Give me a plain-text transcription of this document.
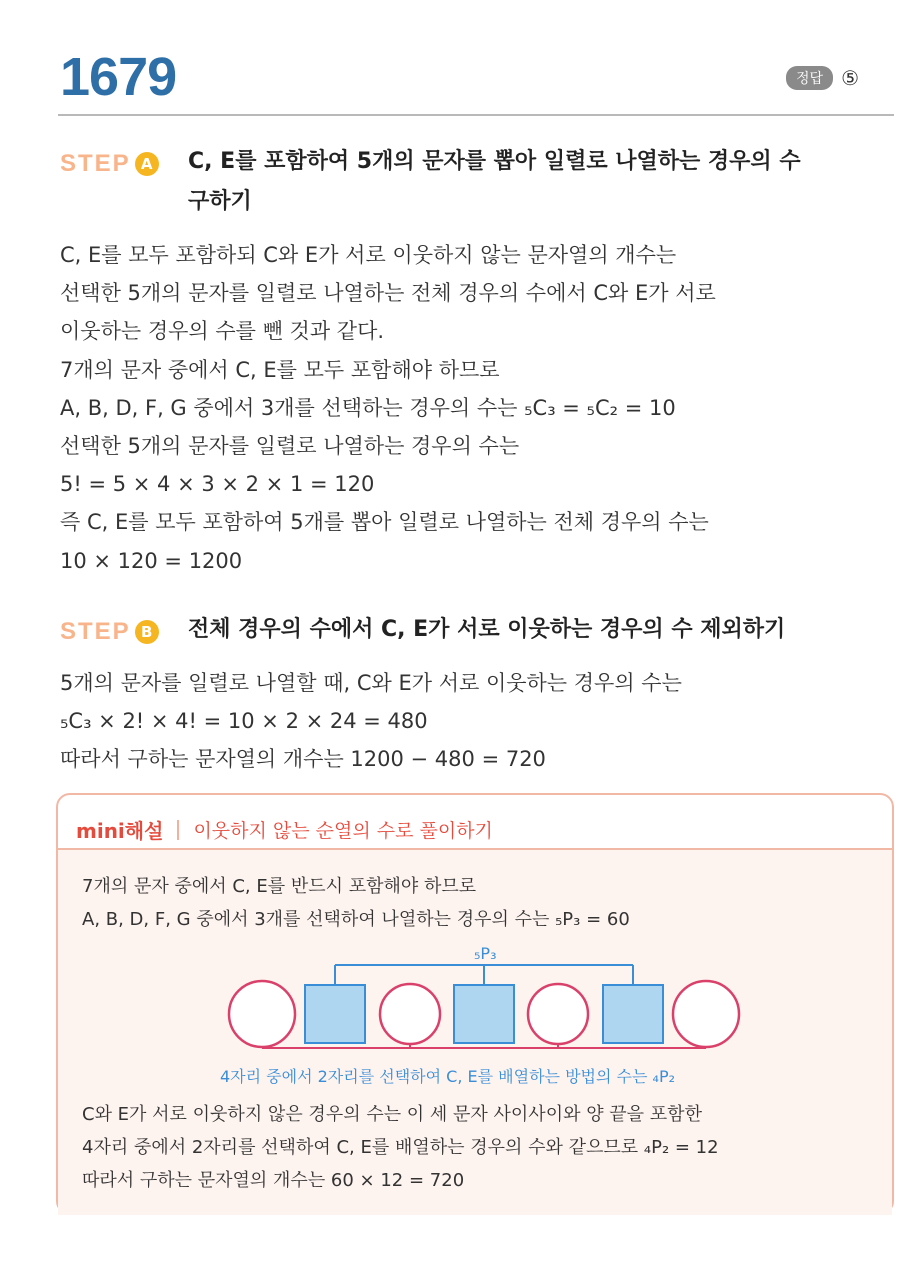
1679	정답 ⑤
STEP A C, E를 포함하여 5개의 문자를 뽑아 일렬로 나열하는 경우의 수
구하기
C, E를 모두 포함하되 C와 E가 서로 이웃하지 않는 문자열의 개수는
선택한 5개의 문자를 일렬로 나열하는 전체 경우의 수에서 C와 E가 서로
이웃하는 경우의 수를 뺀 것과 같다.
7개의 문자 중에서 C, E를 모두 포함해야 하므로
A, B, D, F, G 중에서 3개를 선택하는 경우의 수는 ₅C₃ = ₅C₂ = 10
선택한 5개의 문자를 일렬로 나열하는 경우의 수는
5! = 5 × 4 × 3 × 2 × 1 = 120
즉 C, E를 모두 포함하여 5개를 뽑아 일렬로 나열하는 전체 경우의 수는
10 × 120 = 1200
STEP B 전체 경우의 수에서 C, E가 서로 이웃하는 경우의 수 제외하기
5개의 문자를 일렬로 나열할 때, C와 E가 서로 이웃하는 경우의 수는
₅C₃ × 2! × 4! = 10 × 2 × 24 = 480
따라서 구하는 문자열의 개수는 1200 − 480 = 720
mini해설 이웃하지 않는 순열의 수로 풀이하기
7개의 문자 중에서 C, E를 반드시 포함해야 하므로
A, B, D, F, G 중에서 3개를 선택하여 나열하는 경우의 수는 ₅P₃ = 60
₅P₃
4자리 중에서 2자리를 선택하여 C, E를 배열하는 방법의 수는 ₄P₂
C와 E가 서로 이웃하지 않은 경우의 수는 이 세 문자 사이사이와 양 끝을 포함한
4자리 중에서 2자리를 선택하여 C, E를 배열하는 경우의 수와 같으므로 ₄P₂ = 12
따라서 구하는 문자열의 개수는 60 × 12 = 720
